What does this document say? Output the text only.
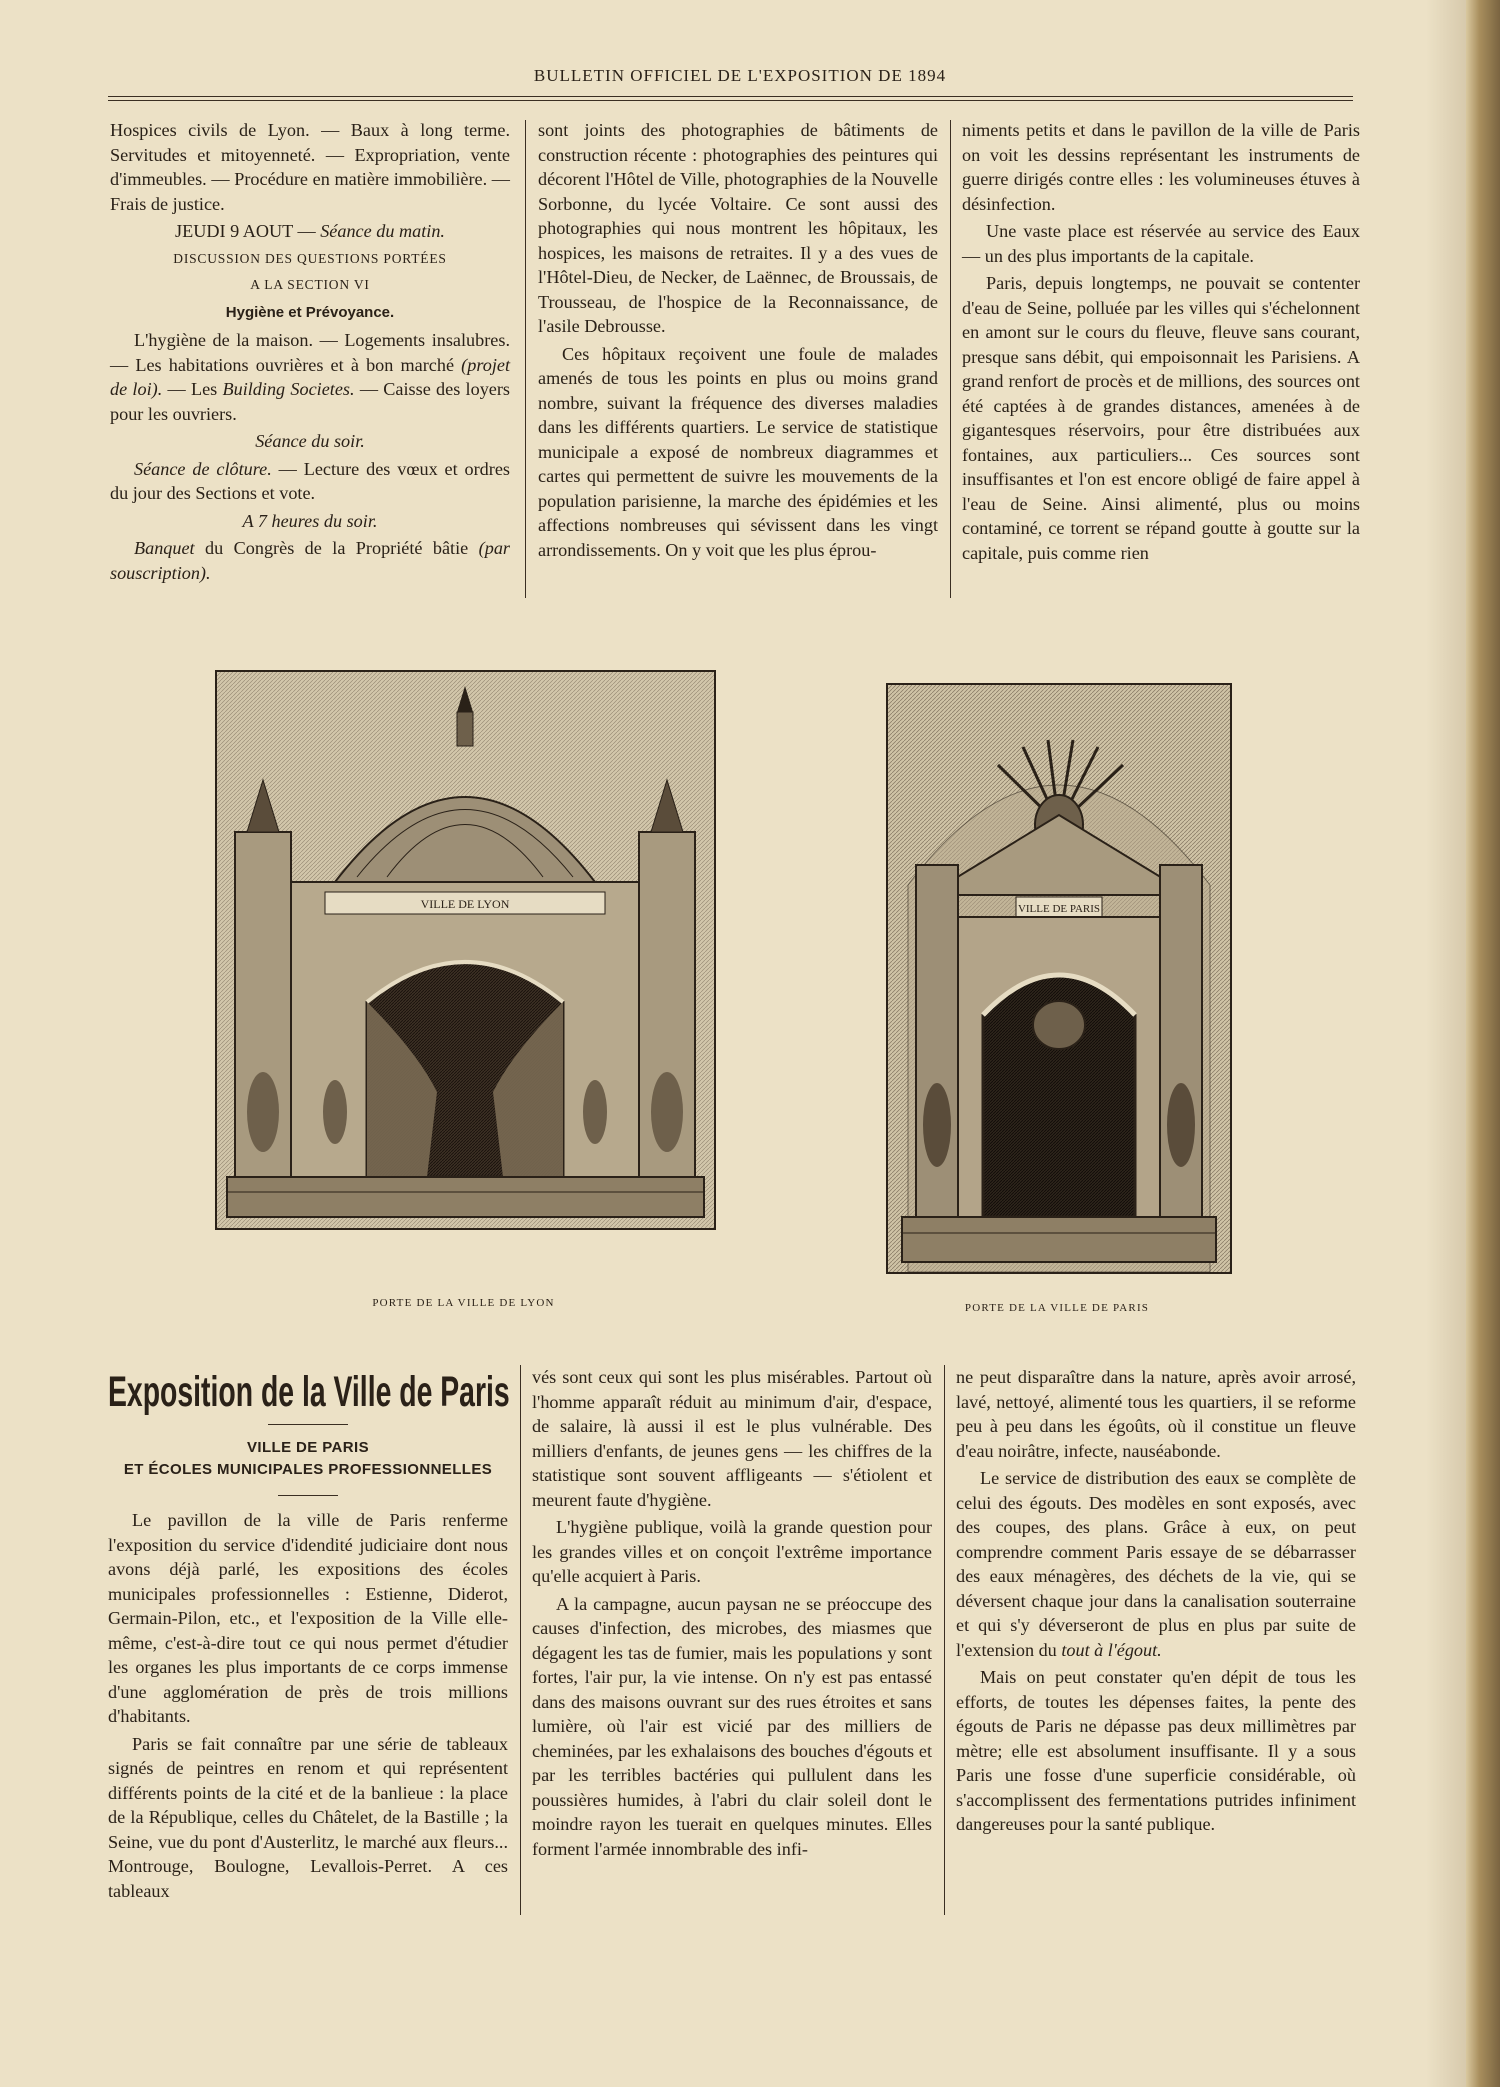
BULLETIN OFFICIEL DE L'EXPOSITION DE 1894

Hospices civils de Lyon. — Baux à long terme. Servitudes et mitoyenneté. — Expropriation, vente d'immeubles. — Procédure en matière immobilière. — Frais de justice.

JEUDI 9 AOUT — Séance du matin.

DISCUSSION DES QUESTIONS PORTÉES
A LA SECTION VI
Hygiène et Prévoyance.

L'hygiène de la maison. — Logements insalubres. — Les habitations ouvrières et à bon marché (projet de loi). — Les Building Societes. — Caisse des loyers pour les ouvriers.

Séance du soir.

Séance de clôture. — Lecture des vœux et ordres du jour des Sections et vote.

A 7 heures du soir.

Banquet du Congrès de la Propriété bâtie (par souscription).

sont joints des photographies de bâtiments de construction récente : photographies des peintures qui décorent l'Hôtel de Ville, photographies de la Nouvelle Sorbonne, du lycée Voltaire. Ce sont aussi des photographies qui nous montrent les hôpitaux, les hospices, les maisons de retraites. Il y a des vues de l'Hôtel-Dieu, de Necker, de Laënnec, de Broussais, de Trousseau, de l'hospice de la Reconnaissance, de l'asile Debrousse.

Ces hôpitaux reçoivent une foule de malades amenés de tous les points en plus ou moins grand nombre, suivant la fréquence des diverses maladies dans les différents quartiers. Le service de statistique municipale a exposé de nombreux diagrammes et cartes qui permettent de suivre les mouvements de la population parisienne, la marche des épidémies et les affections nombreuses qui sévissent dans les vingt arrondissements. On y voit que les plus éprou-

niments petits et dans le pavillon de la ville de Paris on voit les dessins représentant les instruments de guerre dirigés contre elles : les volumineuses étuves à désinfection.

Une vaste place est réservée au service des Eaux — un des plus importants de la capitale.

Paris, depuis longtemps, ne pouvait se contenter d'eau de Seine, polluée par les villes qui s'échelonnent en amont sur le cours du fleuve, fleuve sans courant, presque sans débit, qui empoisonnait les Parisiens. A grand renfort de procès et de millions, des sources ont été captées à de grandes distances, amenées à de gigantesques réservoirs, pour être distribuées aux fontaines, aux particuliers... Ces sources sont insuffisantes et l'on est encore obligé de faire appel à l'eau de Seine. Ainsi alimenté, plus ou moins contaminé, ce torrent se répand goutte à goutte sur la capitale, puis comme rien

VILLE DE LYON
PORTE DE LA VILLE DE LYON
VILLE DE PARIS
PORTE DE LA VILLE DE PARIS
Exposition de la Ville de Paris
VILLE DE PARIS
ET ÉCOLES MUNICIPALES PROFESSIONNELLES

Le pavillon de la ville de Paris renferme l'exposition du service d'idendité judiciaire dont nous avons déjà parlé, les expositions des écoles municipales professionnelles : Estienne, Diderot, Germain-Pilon, etc., et l'exposition de la Ville elle-même, c'est-à-dire tout ce qui nous permet d'étudier les organes les plus importants de ce corps immense d'une agglomération de près de trois millions d'habitants.

Paris se fait connaître par une série de tableaux signés de peintres en renom et qui représentent différents points de la cité et de la banlieue : la place de la République, celles du Châtelet, de la Bastille ; la Seine, vue du pont d'Austerlitz, le marché aux fleurs... Montrouge, Boulogne, Levallois-Perret. A ces tableaux

vés sont ceux qui sont les plus misérables. Partout où l'homme apparaît réduit au minimum d'air, d'espace, de salaire, là aussi il est le plus vulnérable. Des milliers d'enfants, de jeunes gens — les chiffres de la statistique sont souvent affligeants — s'étiolent et meurent faute d'hygiène.

L'hygiène publique, voilà la grande question pour les grandes villes et on conçoit l'extrême importance qu'elle acquiert à Paris.

A la campagne, aucun paysan ne se préoccupe des causes d'infection, des microbes, des miasmes que dégagent les tas de fumier, mais les populations y sont fortes, l'air pur, la vie intense. On n'y est pas entassé dans des maisons ouvrant sur des rues étroites et sans lumière, où l'air est vicié par des milliers de cheminées, par les exhalaisons des bouches d'égouts et par les terribles bactéries qui pullulent dans les poussières humides, à l'abri du clair soleil dont le moindre rayon les tuerait en quelques minutes. Elles forment l'armée innombrable des infi-

ne peut disparaître dans la nature, après avoir arrosé, lavé, nettoyé, alimenté tous les quartiers, il se reforme peu à peu dans les égoûts, où il constitue un fleuve d'eau noirâtre, infecte, nauséabonde.

Le service de distribution des eaux se complète de celui des égouts. Des modèles en sont exposés, avec des coupes, des plans. Grâce à eux, on peut comprendre comment Paris essaye de se débarrasser des eaux ménagères, des déchets de la vie, qui se déversent chaque jour dans la canalisation souterraine et qui s'y déverseront de plus en plus par suite de l'extension du tout à l'égout.

Mais on peut constater qu'en dépit de tous les efforts, de toutes les dépenses faites, la pente des égouts de Paris ne dépasse pas deux millimètres par mètre; elle est absolument insuffisante. Il y a sous Paris une fosse d'une superficie considérable, où s'accomplissent des fermentations putrides infiniment dangereuses pour la santé publique.
